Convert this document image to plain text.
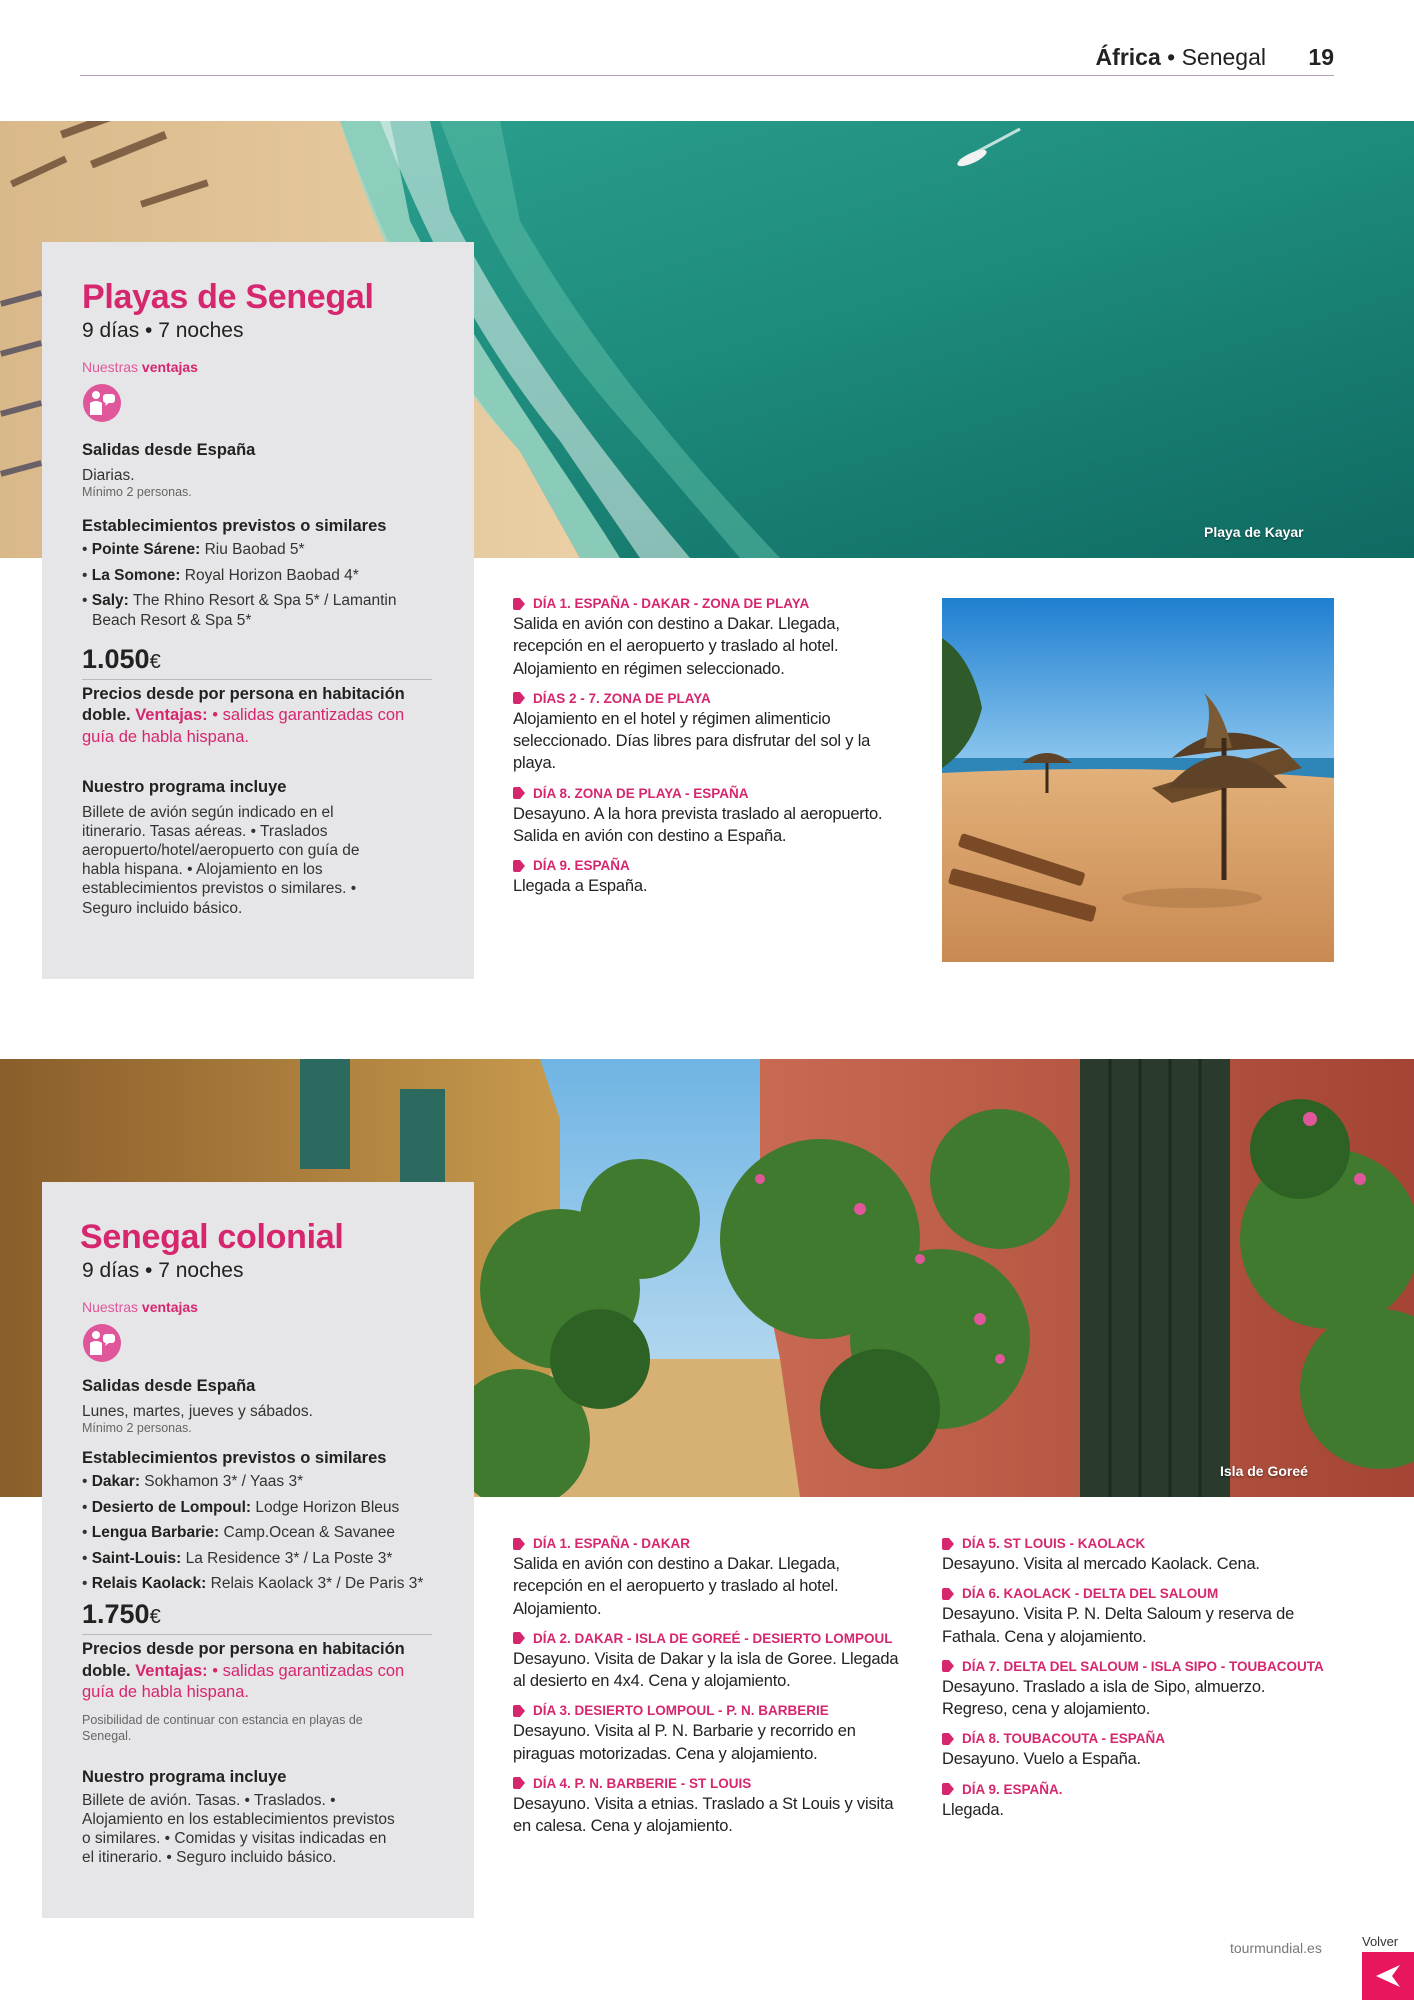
África • Senegal 19
Playa de Kayar
Playas de Senegal
9 días • 7 noches
Nuestras ventajas
Salidas desde España
Diarias.
Mínimo 2 personas.
Establecimientos previstos o similares
• Pointe Sárene: Riu Baobad 5*
• La Somone: Royal Horizon Baobad 4*
• Saly: The Rhino Resort & Spa 5* / Lamantin Beach Resort & Spa 5*
1.050€
Precios desde por persona en habitación doble. Ventajas: • salidas garantizadas con guía de habla hispana.
Nuestro programa incluye
Billete de avión según indicado en el itinerario. Tasas aéreas. • Traslados aeropuerto/hotel/aeropuerto con guía de habla hispana. • Alojamiento en los establecimientos previstos o similares. • Seguro incluido básico.
DÍA 1. ESPAÑA - DAKAR - ZONA DE PLAYA
Salida en avión con destino a Dakar. Llegada, recepción en el aeropuerto y traslado al hotel. Alojamiento en régimen seleccionado.
DÍAS 2 - 7. ZONA DE PLAYA
Alojamiento en el hotel y régimen alimenticio seleccionado. Días libres para disfrutar del sol y la playa.
DÍA 8. ZONA DE PLAYA - ESPAÑA
Desayuno. A la hora prevista traslado al aeropuerto. Salida en avión con destino a España.
DÍA 9. ESPAÑA
Llegada a España.
Isla de Goreé
Senegal colonial
9 días • 7 noches
Nuestras ventajas
Salidas desde España
Lunes, martes, jueves y sábados.
Mínimo 2 personas.
Establecimientos previstos o similares
• Dakar: Sokhamon 3* / Yaas 3*
• Desierto de Lompoul: Lodge Horizon Bleus
• Lengua Barbarie: Camp.Ocean & Savanee
• Saint-Louis: La Residence 3* / La Poste 3*
• Relais Kaolack: Relais Kaolack 3* / De Paris 3*
1.750€
Precios desde por persona en habitación doble. Ventajas: • salidas garantizadas con guía de habla hispana.
Posibilidad de continuar con estancia en playas de Senegal.
Nuestro programa incluye
Billete de avión. Tasas. • Traslados. • Alojamiento en los establecimientos previstos o similares. • Comidas y visitas indicadas en el itinerario. • Seguro incluido básico.
DÍA 1. ESPAÑA - DAKAR
Salida en avión con destino a Dakar. Llegada, recepción en el aeropuerto y traslado al hotel. Alojamiento.
DÍA 2. DAKAR - ISLA DE GOREÉ - DESIERTO LOMPOUL
Desayuno. Visita de Dakar y la isla de Goree. Llegada al desierto en 4x4. Cena y alojamiento.
DÍA 3. DESIERTO LOMPOUL - P. N. BARBERIE
Desayuno. Visita al P. N. Barbarie y recorrido en piraguas motorizadas. Cena y alojamiento.
DÍA 4. P. N. BARBERIE - ST LOUIS
Desayuno. Visita a etnias. Traslado a St Louis y visita en calesa. Cena y alojamiento.
DÍA 5. ST LOUIS - KAOLACK
Desayuno. Visita al mercado Kaolack. Cena.
DÍA 6. KAOLACK - DELTA DEL SALOUM
Desayuno. Visita P. N. Delta Saloum y reserva de Fathala. Cena y alojamiento.
DÍA 7. DELTA DEL SALOUM - ISLA SIPO - TOUBACOUTA
Desayuno. Traslado a isla de Sipo, almuerzo. Regreso, cena y alojamiento.
DÍA 8. TOUBACOUTA - ESPAÑA
Desayuno. Vuelo a España.
DÍA 9. ESPAÑA.
Llegada.
tourmundial.es	Volver
